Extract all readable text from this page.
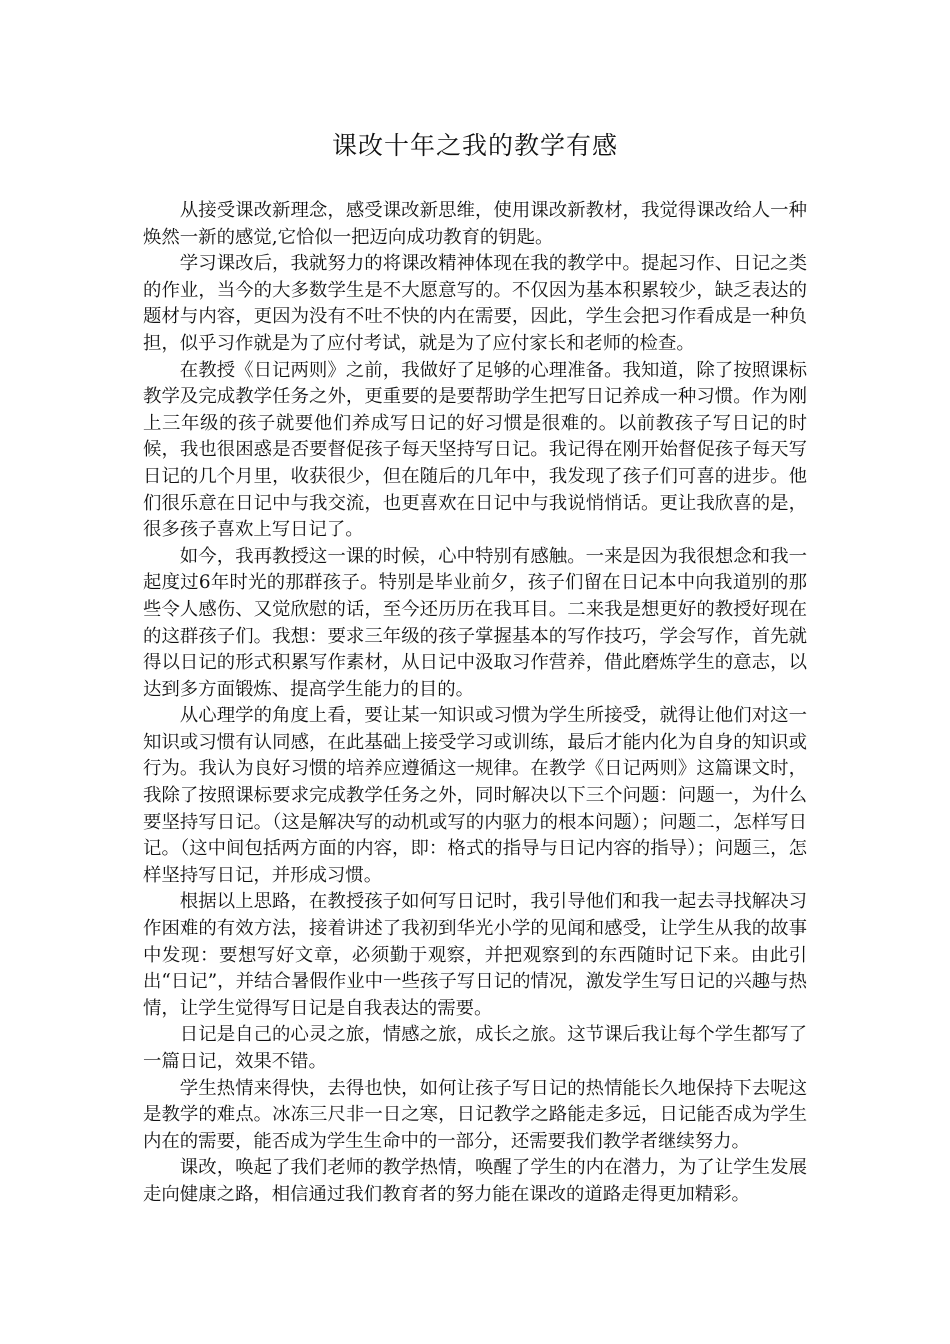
课改十年之我的教学有感

从接受课改新理念，感受课改新思维，使用课改新教材，我觉得课改给人一种焕然一新的感觉,它恰似一把迈向成功教育的钥匙。

学习课改后，我就努力的将课改精神体现在我的教学中。提起习作、日记之类的作业，当今的大多数学生是不大愿意写的。不仅因为基本积累较少，缺乏表达的题材与内容，更因为没有不吐不快的内在需要，因此，学生会把习作看成是一种负担，似乎习作就是为了应付考试，就是为了应付家长和老师的检查。

在教授《日记两则》之前，我做好了足够的心理准备。我知道，除了按照课标教学及完成教学任务之外，更重要的是要帮助学生把写日记养成一种习惯。作为刚上三年级的孩子就要他们养成写日记的好习惯是很难的。以前教孩子写日记的时候，我也很困惑是否要督促孩子每天坚持写日记。我记得在刚开始督促孩子每天写日记的几个月里，收获很少，但在随后的几年中，我发现了孩子们可喜的进步。他们很乐意在日记中与我交流，也更喜欢在日记中与我说悄悄话。更让我欣喜的是，很多孩子喜欢上写日记了。

如今，我再教授这一课的时候，心中特别有感触。一来是因为我很想念和我一起度过6年时光的那群孩子。特别是毕业前夕，孩子们留在日记本中向我道别的那些令人感伤、又觉欣慰的话，至今还历历在我耳目。二来我是想更好的教授好现在的这群孩子们。我想：要求三年级的孩子掌握基本的写作技巧，学会写作，首先就得以日记的形式积累写作素材，从日记中汲取习作营养，借此磨炼学生的意志，以达到多方面锻炼、提高学生能力的目的。

从心理学的角度上看，要让某一知识或习惯为学生所接受，就得让他们对这一知识或习惯有认同感，在此基础上接受学习或训练，最后才能内化为自身的知识或行为。我认为良好习惯的培养应遵循这一规律。在教学《日记两则》这篇课文时，我除了按照课标要求完成教学任务之外，同时解决以下三个问题：问题一，为什么要坚持写日记。（这是解决写的动机或写的内驱力的根本问题）；问题二，怎样写日记。（这中间包括两方面的内容，即：格式的指导与日记内容的指导）；问题三，怎样坚持写日记，并形成习惯。

根据以上思路，在教授孩子如何写日记时，我引导他们和我一起去寻找解决习作困难的有效方法，接着讲述了我初到华光小学的见闻和感受，让学生从我的故事中发现：要想写好文章，必须勤于观察，并把观察到的东西随时记下来。由此引出“日记”，并结合暑假作业中一些孩子写日记的情况，激发学生写日记的兴趣与热情，让学生觉得写日记是自我表达的需要。

日记是自己的心灵之旅，情感之旅，成长之旅。这节课后我让每个学生都写了一篇日记，效果不错。

学生热情来得快，去得也快，如何让孩子写日记的热情能长久地保持下去呢这是教学的难点。冰冻三尺非一日之寒，日记教学之路能走多远，日记能否成为学生内在的需要，能否成为学生生命中的一部分，还需要我们教学者继续努力。

课改，唤起了我们老师的教学热情，唤醒了学生的内在潜力，为了让学生发展走向健康之路，相信通过我们教育者的努力能在课改的道路走得更加精彩。
